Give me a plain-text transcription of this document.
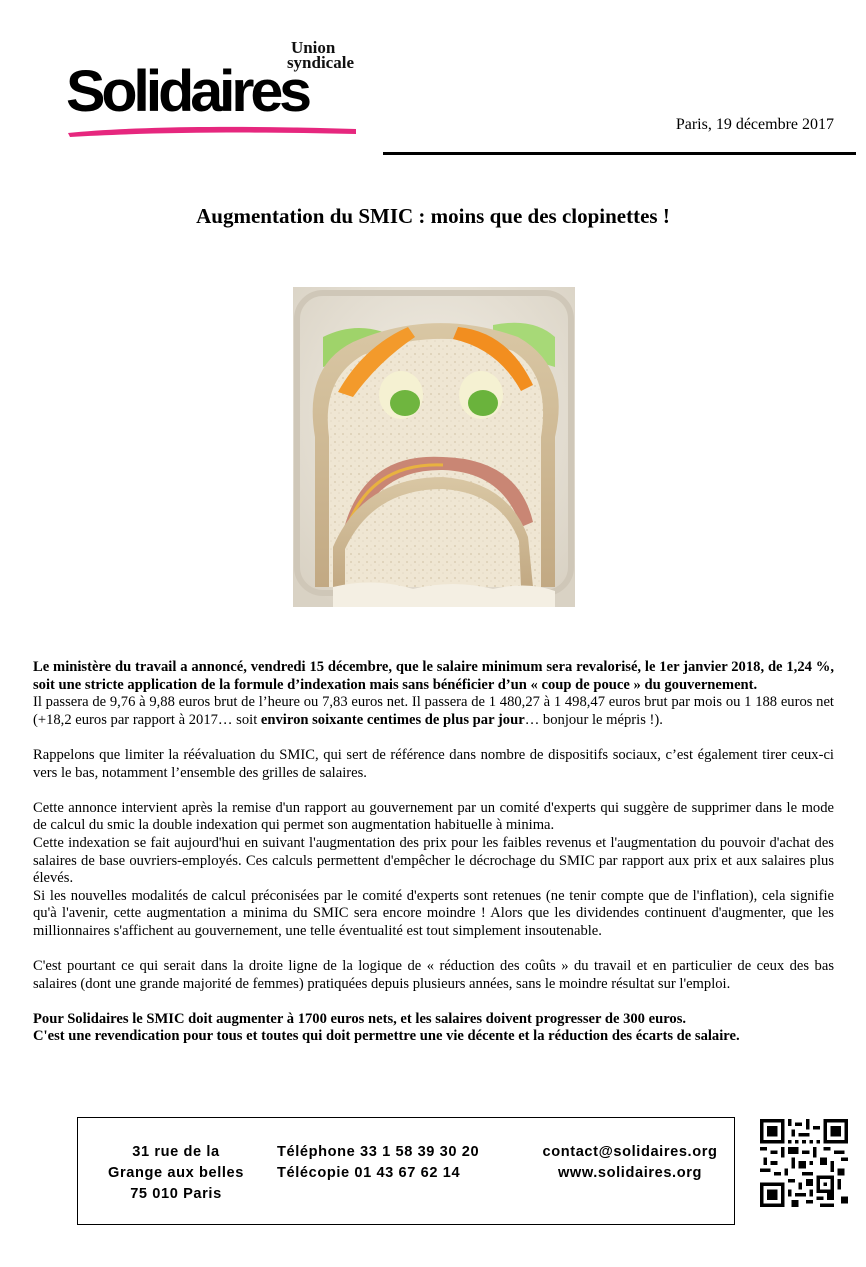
Union
syndicale
Solidaires
Paris, 19 décembre 2017
Augmentation du SMIC : moins que des clopinettes !

Le ministère du travail a annoncé, vendredi 15 décembre, que le salaire minimum sera revalorisé, le 1er janvier 2018, de 1,24 %, soit une stricte application de la formule d’indexation mais sans bénéficier d’un « coup de pouce » du gouvernement.

Il passera de 9,76 à 9,88 euros brut de l’heure ou 7,83 euros net. Il passera de 1 480,27 à 1 498,47 euros brut par mois ou 1 188 euros net (+18,2 euros par rapport à 2017… soit environ soixante centimes de plus par jour… bonjour le mépris !).

Rappelons que limiter la réévaluation du SMIC, qui sert de référence dans nombre de dispositifs sociaux, c’est également tirer ceux-ci vers le bas, notamment l’ensemble des grilles de salaires.

Cette annonce intervient après la remise d'un rapport au gouvernement par un comité d'experts qui suggère de supprimer dans le mode de calcul du smic la double indexation qui permet son augmentation habituelle à minima.

Cette indexation se fait aujourd'hui en suivant l'augmentation des prix pour les faibles revenus et l'augmentation du pouvoir d'achat des salaires de base ouvriers-employés. Ces calculs permettent d'empêcher le décrochage du SMIC par rapport aux prix et aux salaires plus élevés.

Si les nouvelles modalités de calcul préconisées par le comité d'experts sont retenues (ne tenir compte que de l'inflation), cela signifie qu'à l'avenir, cette augmentation a minima du SMIC sera encore moindre ! Alors que les dividendes continuent d'augmenter, que les millionnaires s'affichent au gouvernement, une telle éventualité est tout simplement insoutenable.

C'est pourtant ce qui serait dans la droite ligne de la logique de « réduction des coûts » du travail et en particulier de ceux des bas salaires (dont une grande majorité de femmes) pratiquées depuis plusieurs années, sans le moindre résultat sur l'emploi.

Pour Solidaires le SMIC doit augmenter à 1700 euros nets, et les salaires doivent progresser de 300 euros.

C'est une revendication pour tous et toutes qui doit permettre une vie décente et la réduction des écarts de salaire.

31 rue de la
Grange aux belles
75 010 Paris
Téléphone 33 1 58 39 30 20
Télécopie 01 43 67 62 14
contact@solidaires.org
www.solidaires.org
